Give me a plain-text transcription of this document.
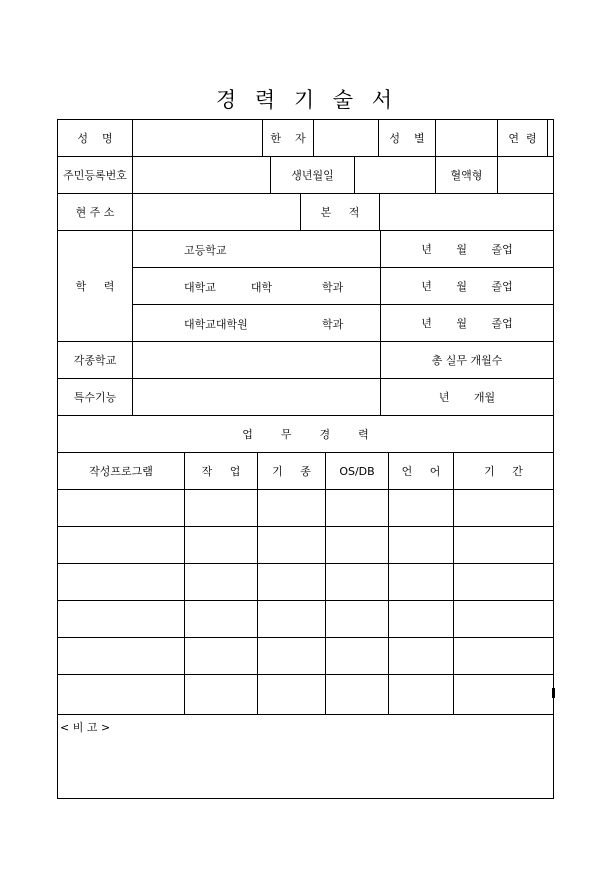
경 력 기 술 서
성    명	한    자	성    별	연  령
주민등록번호	생년월일	혈액형
현 주 소	본     적
학     력
고등학교	년       월       졸업
대학교          대학	학과	년       월       졸업
대학교대학원	학과	년       월       졸업
각종학교	총 실무 개월수
특수기능	년       개월
업        무        경        력
작성프로그램	작     업	기     종	OS/DB	언     어	기     간
< 비 고 >
